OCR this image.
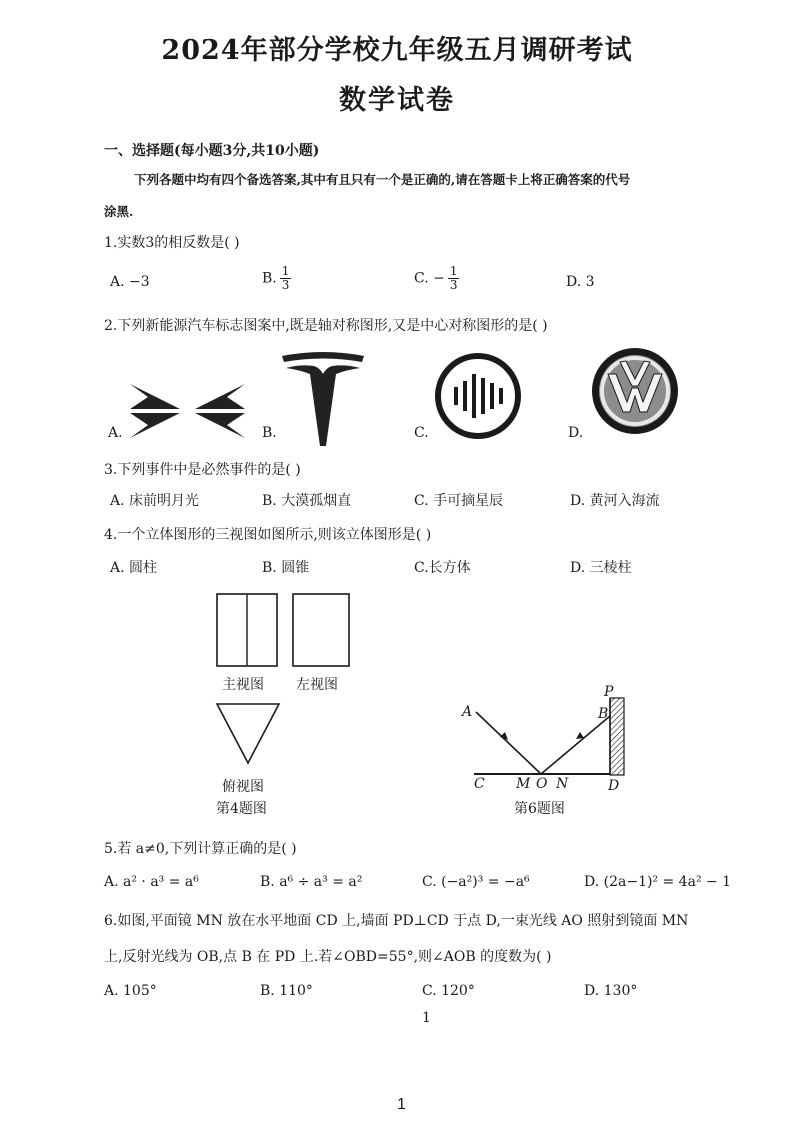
2024年部分学校九年级五月调研考试
数学试卷
一、选择题(每小题3分,共10小题)
下列各题中均有四个备选答案,其中有且只有一个是正确的,请在答题卡上将正确答案的代号
涂黑.
1.实数3的相反数是( )
A. −3	B. $\frac{1}{3}$	C. − $\frac{1}{3}$	D. 3
2.下列新能源汽车标志图案中,既是轴对称图形,又是中心对称图形的是( )
A.	B.	C.	D.
3.下列事件中是必然事件的是( )
A. 床前明月光	B. 大漠孤烟直	C. 手可摘星辰	D. 黄河入海流
4.一个立体图形的三视图如图所示,则该立体图形是( )
A. 圆柱	B. 圆锥	C.长方体	D. 三棱柱
主视图 左视图
俯视图
第4题图
A	B
P
C M O N	D
第6题图
5.若 a≠0,下列计算正确的是( )
A. a² · a³ = a⁶	B. a⁶ ÷ a³ = a²	C. (−a²)³ = −a⁶	D. (2a−1)² = 4a² − 1
6.如图,平面镜 MN 放在水平地面 CD 上,墙面 PD⊥CD 于点 D,一束光线 AO 照射到镜面 MN
上,反射光线为 OB,点 B 在 PD 上.若∠OBD=55°,则∠AOB 的度数为( )
A. 105°	B. 110°	C. 120°	D. 130°
1
1
